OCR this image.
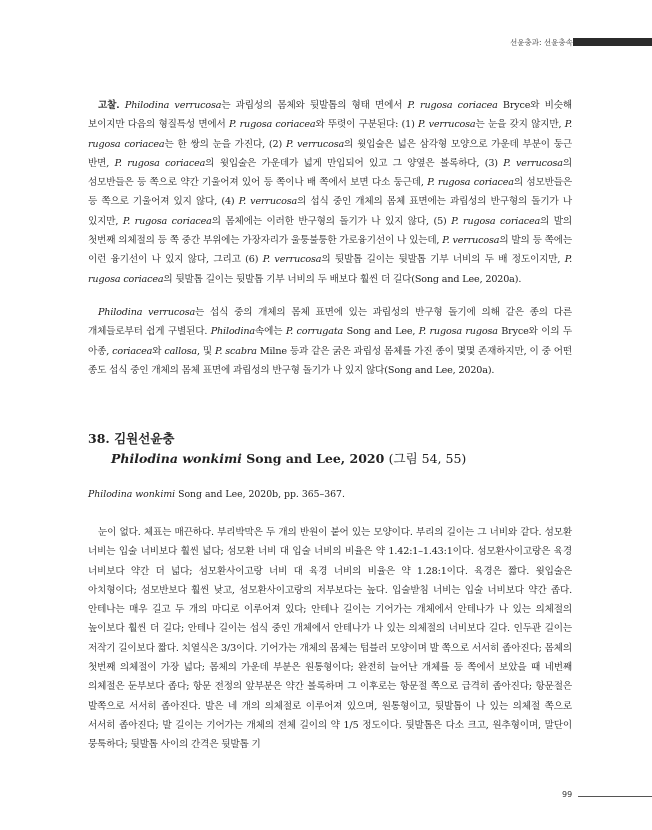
선윤충과: 선윤충속
고찰. Philodina verrucosa는 과립성의 몸체와 뒷발톱의 형태 면에서 P. rugosa coriacea Bryce와 비슷해 보이지만 다음의 형질특성 면에서 P. rugosa coriacea와 뚜렷이 구분된다: (1) P. verrucosa는 눈을 갖지 않지만, P. rugosa coriacea는 한 쌍의 눈을 가진다, (2) P. verrucosa의 윗입술은 넓은 삼각형 모양으로 가운데 부분이 둥근 반면, P. rugosa coriacea의 윗입술은 가운데가 넓게 만입되어 있고 그 양옆은 볼록하다, (3) P. verrucosa의 섬모반들은 등 쪽으로 약간 기울어져 있어 등 쪽이나 배 쪽에서 보면 다소 둥근데, P. rugosa coriacea의 섬모반들은 등 쪽으로 기울어져 있지 않다, (4) P. verrucosa의 섭식 중인 개체의 몸체 표면에는 과립성의 반구형의 돌기가 나 있지만, P. rugosa coriacea의 몸체에는 이러한 반구형의 돌기가 나 있지 않다, (5) P. rugosa coriacea의 발의 첫번째 의체절의 등 쪽 중간 부위에는 가장자리가 울퉁불퉁한 가로융기선이 나 있는데, P. verrucosa의 발의 등 쪽에는 이런 융기선이 나 있지 않다, 그리고 (6) P. verrucosa의 뒷발톱 길이는 뒷발톱 기부 너비의 두 배 정도이지만, P. rugosa coriacea의 뒷발톱 길이는 뒷발톱 기부 너비의 두 배보다 훨씬 더 길다(Song and Lee, 2020a).
Philodina verrucosa는 섭식 중의 개체의 몸체 표면에 있는 과립성의 반구형 돌기에 의해 같은 종의 다른 개체들로부터 쉽게 구별된다. Philodina속에는 P. corrugata Song and Lee, P. rugosa rugosa Bryce와 이의 두 아종, coriacea와 callosa, 및 P. scabra Milne 등과 같은 굵은 과립성 몸체를 가진 종이 몇몇 존재하지만, 이 중 어떤 종도 섭식 중인 개체의 몸체 표면에 과립성의 반구형 돌기가 나 있지 않다(Song and Lee, 2020a).
38. 김원선윤충
Philodina wonkimi Song and Lee, 2020 (그림 54, 55)
Philodina wonkimi Song and Lee, 2020b, pp. 365–367.
눈이 없다. 체표는 매끈하다. 부리박막은 두 개의 반원이 붙어 있는 모양이다. 부리의 길이는 그 너비와 같다. 섬모환 너비는 입술 너비보다 훨씬 넓다; 섬모환 너비 대 입술 너비의 비율은 약 1.42:1–1.43:1이다. 섬모환사이고랑은 육경 너비보다 약간 더 넓다; 섬모환사이고랑 너비 대 육경 너비의 비율은 약 1.28:1이다. 육경은 짧다. 윗입술은 아치형이다; 섬모반보다 훨씬 낮고, 섬모환사이고랑의 저부보다는 높다. 입술받침 너비는 입술 너비보다 약간 좁다. 안테나는 매우 길고 두 개의 마디로 이루어져 있다; 안테나 길이는 기어가는 개체에서 안테나가 나 있는 의체절의 높이보다 훨씬 더 길다; 안테나 길이는 섭식 중인 개체에서 안테나가 나 있는 의체절의 너비보다 길다. 인두관 길이는 저작기 길이보다 짧다. 치열식은 3/3이다. 기어가는 개체의 몸체는 텁블러 모양이며 발 쪽으로 서서히 좁아진다; 몸체의 첫번째 의체절이 가장 넓다; 몸체의 가운데 부분은 원통형이다; 완전히 늘어난 개체를 등 쪽에서 보았을 때 네번째 의체절은 둔부보다 좁다; 항문 전정의 앞부분은 약간 볼록하며 그 이후로는 항문절 쪽으로 급격히 좁아진다; 항문절은 발쪽으로 서서히 좁아진다. 발은 네 개의 의체절로 이루어져 있으며, 원통형이고, 뒷발톱이 나 있는 의체절 쪽으로 서서히 좁아진다; 발 길이는 기어가는 개체의 전체 길이의 약 1/5 정도이다. 뒷발톱은 다소 크고, 원추형이며, 말단이 뭉툭하다; 뒷발톱 사이의 간격은 뒷발톱 기
99
